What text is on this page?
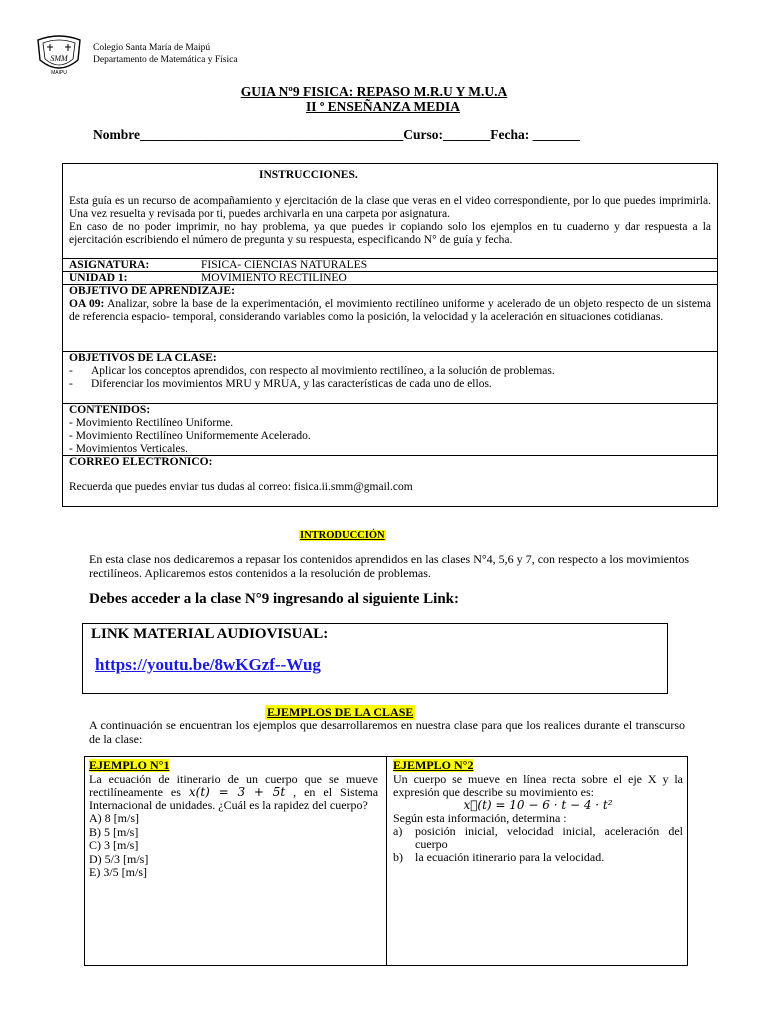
SMM
MAIPU
Colegio Santa María de Maipú
Departamento de Matemática y Física
GUIA Nº9 FISICA: REPASO M.R.U Y M.U.A
II º ENSEÑANZA MEDIA
Nombre_______________________________________Curso:_______Fecha: _______
INSTRUCCIONES.
Esta guía es un recurso de acompañamiento y ejercitación de la clase que veras en el video correspondiente, por lo que puedes imprimirla. Una vez resuelta y revisada por ti, puedes archivarla en una carpeta por asignatura.
En caso de no poder imprimir, no hay problema, ya que puedes ir copiando solo los ejemplos en tu cuaderno y dar respuesta a la ejercitación escribiendo el número de pregunta y su respuesta, especificando N° de guía y fecha.
ASIGNATURA:	FISICA- CIENCIAS NATURALES
UNIDAD 1:	MOVIMIENTO RECTILINEO
OBJETIVO DE APRENDIZAJE:
OA 09: Analizar, sobre la base de la experimentación, el movimiento rectilíneo uniforme y acelerado de un objeto respecto de un sistema de referencia espacio- temporal, considerando variables como la posición, la velocidad y la aceleración en situaciones cotidianas.
OBJETIVOS DE LA CLASE:
- Aplicar los conceptos aprendidos, con respecto al movimiento rectilíneo, a la solución de problemas.
- Diferenciar los movimientos MRU y MRUA, y las características de cada uno de ellos.
CONTENIDOS:
- Movimiento Rectilíneo Uniforme.
- Movimiento Rectilíneo Uniformemente Acelerado.
- Movimientos Verticales.
CORREO ELECTRONICO:
Recuerda que puedes enviar tus dudas al correo: fisica.ii.smm@gmail.com
INTRODUCCIÓN
En esta clase nos dedicaremos a repasar los contenidos aprendidos en las clases N°4, 5,6 y 7, con respecto a los movimientos rectilíneos. Aplicaremos estos contenidos a la resolución de problemas.
Debes acceder a la clase N°9 ingresando al siguiente Link:
LINK MATERIAL AUDIOVISUAL:
https://youtu.be/8wKGzf--Wug
EJEMPLOS DE LA CLASE
A continuación se encuentran los ejemplos que desarrollaremos en nuestra clase para que los realices durante el transcurso de la clase:
EJEMPLO N°1
La ecuación de itinerario de un cuerpo que se mueve rectilíneamente es x(t) = 3 + 5t , en el Sistema Internacional de unidades. ¿Cuál es la rapidez del cuerpo?
A) 8 [m/s]
B) 5 [m/s]
C) 3 [m/s]
D) 5/3 [m/s]
E) 3/5 [m/s]
EJEMPLO N°2
Un cuerpo se mueve en línea recta sobre el eje X y la expresión que describe su movimiento es:
x⃗(t) = 10 − 6 · t − 4 · t²
Según esta información, determina :
a) posición inicial, velocidad inicial, aceleración del cuerpo
b) la ecuación itinerario para la velocidad.
